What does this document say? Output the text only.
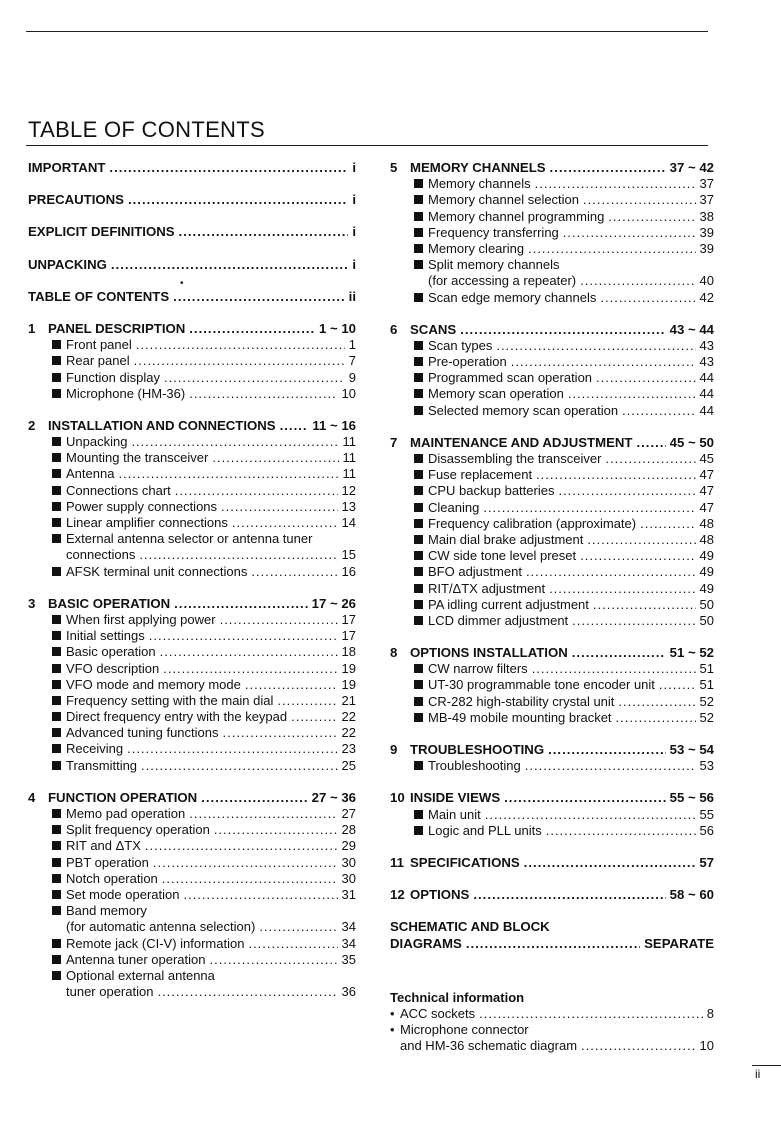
TABLE OF CONTENTS
•
IMPORTANT .....	i
PRECAUTIONS .....	i
EXPLICIT DEFINITIONS .....	i
UNPACKING .....	i
TABLE OF CONTENTS .....	ii
1 PANEL DESCRIPTION .....	1 ~ 10
Front panel .....	1
Rear panel .....	7
Function display .....	9
Microphone (HM-36) .....	10
2 INSTALLATION AND CONNECTIONS .....	11 ~ 16
Unpacking .....	11
Mounting the transceiver .....	11
Antenna .....	11
Connections chart .....	12
Power supply connections .....	13
Linear amplifier connections .....	14
External antenna selector or antenna tuner
connections .....	15
AFSK terminal unit connections .....	16
3 BASIC OPERATION .....	17 ~ 26
When first applying power .....	17
Initial settings .....	17
Basic operation .....	18
VFO description .....	19
VFO mode and memory mode .....	19
Frequency setting with the main dial .....	21
Direct frequency entry with the keypad .....	22
Advanced tuning functions .....	22
Receiving .....	23
Transmitting .....	25
4 FUNCTION OPERATION .....	27 ~ 36
Memo pad operation .....	27
Split frequency operation .....	28
RIT and ΔTX .....	29
PBT operation .....	30
Notch operation .....	30
Set mode operation .....	31
Band memory
(for automatic antenna selection) .....	34
Remote jack (CI-V) information .....	34
Antenna tuner operation .....	35
Optional external antenna
tuner operation .....	36
5 MEMORY CHANNELS .....	37 ~ 42
Memory channels .....	37
Memory channel selection .....	37
Memory channel programming .....	38
Frequency transferring .....	39
Memory clearing .....	39
Split memory channels
(for accessing a repeater) .....	40
Scan edge memory channels .....	42
6 SCANS .....	43 ~ 44
Scan types .....	43
Pre-operation .....	43
Programmed scan operation .....	44
Memory scan operation .....	44
Selected memory scan operation .....	44
7 MAINTENANCE AND ADJUSTMENT .....	45 ~ 50
Disassembling the transceiver .....	45
Fuse replacement .....	47
CPU backup batteries .....	47
Cleaning .....	47
Frequency calibration (approximate) .....	48
Main dial brake adjustment .....	48
CW side tone level preset .....	49
BFO adjustment .....	49
RIT/ΔTX adjustment .....	49
PA idling current adjustment .....	50
LCD dimmer adjustment .....	50
8 OPTIONS INSTALLATION .....	51 ~ 52
CW narrow filters .....	51
UT-30 programmable tone encoder unit .....	51
CR-282 high-stability crystal unit .....	52
MB-49 mobile mounting bracket .....	52
9 TROUBLESHOOTING .....	53 ~ 54
Troubleshooting .....	53
10 INSIDE VIEWS .....	55 ~ 56
Main unit .....	55
Logic and PLL units .....	56
11 SPECIFICATIONS .....	57
12 OPTIONS .....	58 ~ 60
SCHEMATIC AND BLOCK
DIAGRAMS .....	SEPARATE
Technical information
• ACC sockets .....	8
• Microphone connector
and HM-36 schematic diagram .....	10
ii
